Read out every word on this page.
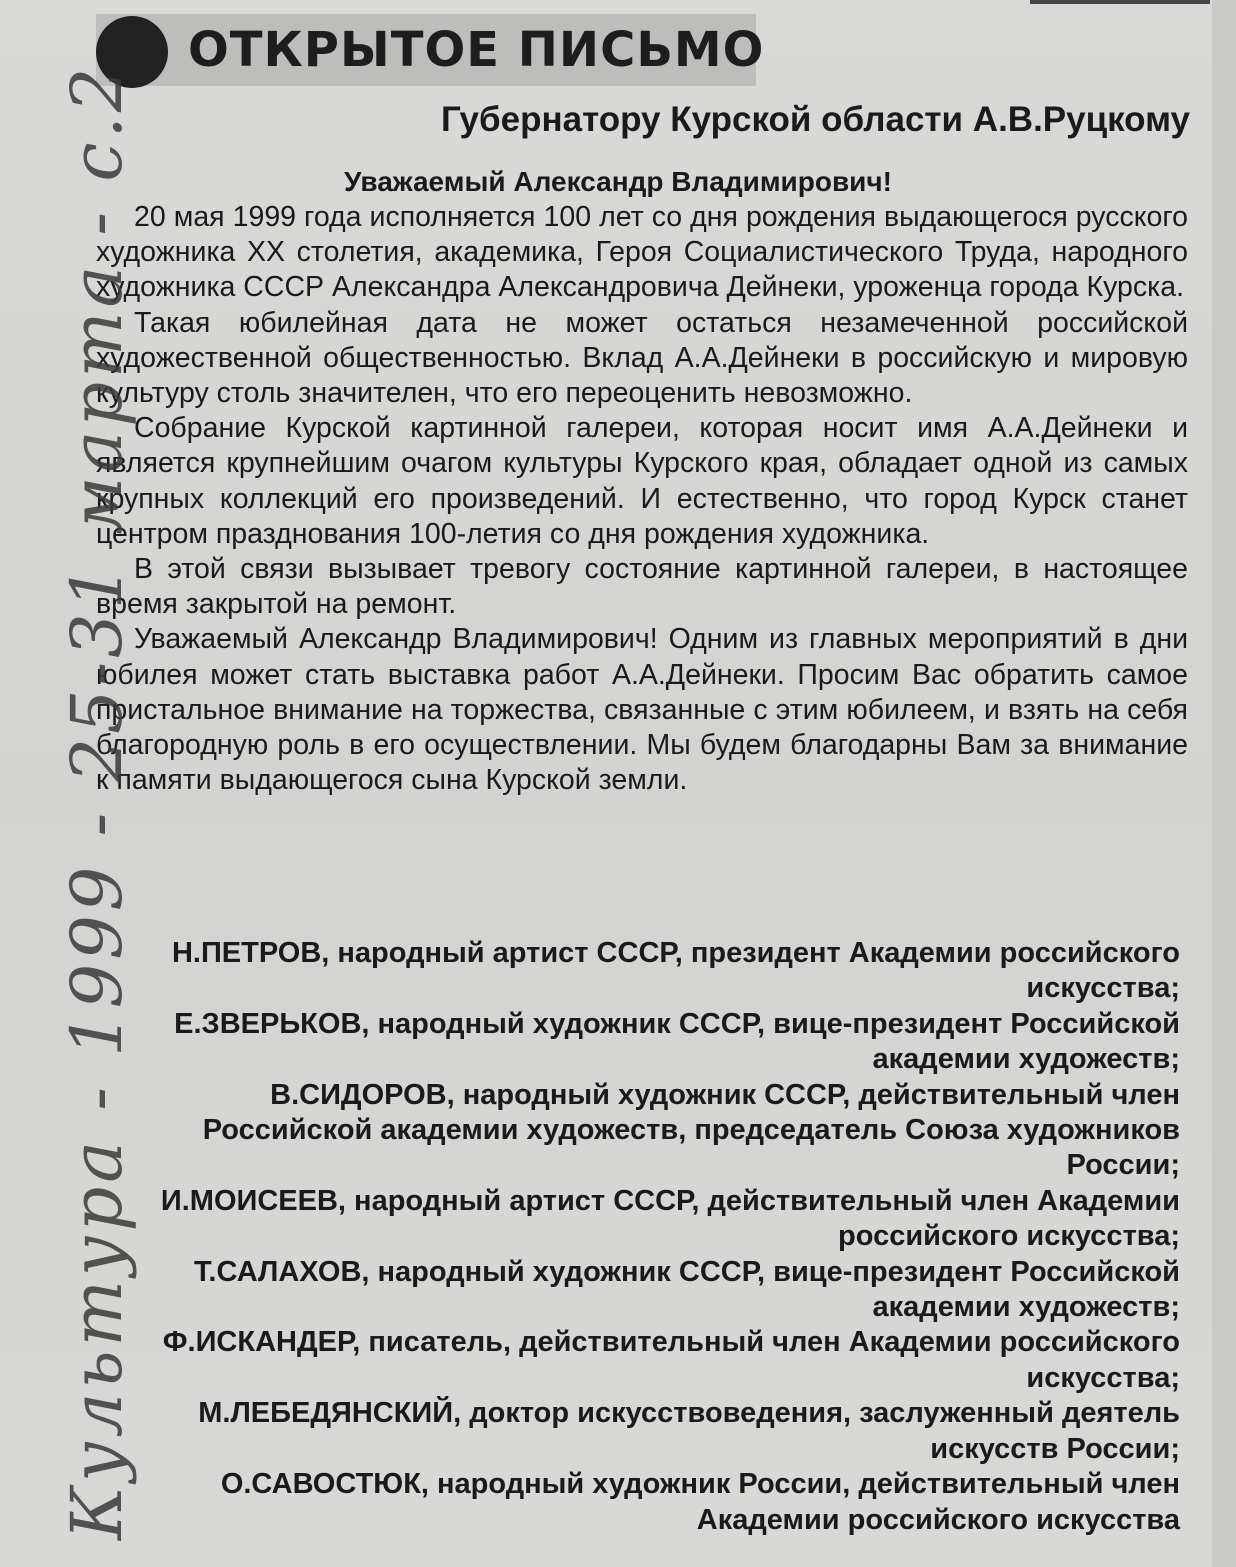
ОТКРЫТОЕ ПИСЬМО
Губернатору Курской области А.В.Руцкому
Уважаемый Александр Владимирович!

20 мая 1999 года исполняется 100 лет со дня рождения выдающегося русского художника XX столетия, академика, Героя Социалистического Труда, народного художника СССР Александра Александровича Дейнеки, уроженца города Курска.

Такая юбилейная дата не может остаться незамеченной российской художественной общественностью. Вклад А.А.Дейнеки в российскую и мировую культуру столь значителен, что его переоценить невозможно.

Собрание Курской картинной галереи, которая носит имя А.А.Дейнеки и является крупнейшим очагом культуры Курского края, обладает одной из самых крупных коллекций его произведений. И естественно, что город Курск станет центром празднования 100-летия со дня рождения художника.

В этой связи вызывает тревогу состояние картинной галереи, в настоящее время закрытой на ремонт.

Уважаемый Александр Владимирович! Одним из главных мероприятий в дни юбилея может стать выставка работ А.А.Дейнеки. Просим Вас обратить самое пристальное внимание на торжества, связанные с этим юбилеем, и взять на себя благородную роль в его осуществлении. Мы будем благодарны Вам за внимание к памяти выдающегося сына Курской земли.

Н.ПЕТРОВ, народный артист СССР, президент Академии российского искусства;

Е.ЗВЕРЬКОВ, народный художник СССР, вице-президент Российской академии художеств;

В.СИДОРОВ, народный художник СССР, действительный член Российской академии художеств, председатель Союза художников России;

И.МОИСЕЕВ, народный артист СССР, действительный член Академии российского искусства;

Т.САЛАХОВ, народный художник СССР, вице-президент Российской академии художеств;

Ф.ИСКАНДЕР, писатель, действительный член Академии российского искусства;

М.ЛЕБЕДЯНСКИЙ, доктор искусствоведения, заслуженный деятель искусств России;

О.САВОСТЮК, народный художник России, действительный член Академии российского искусства

Культура - 1999 - 25-31 марта - с.2
